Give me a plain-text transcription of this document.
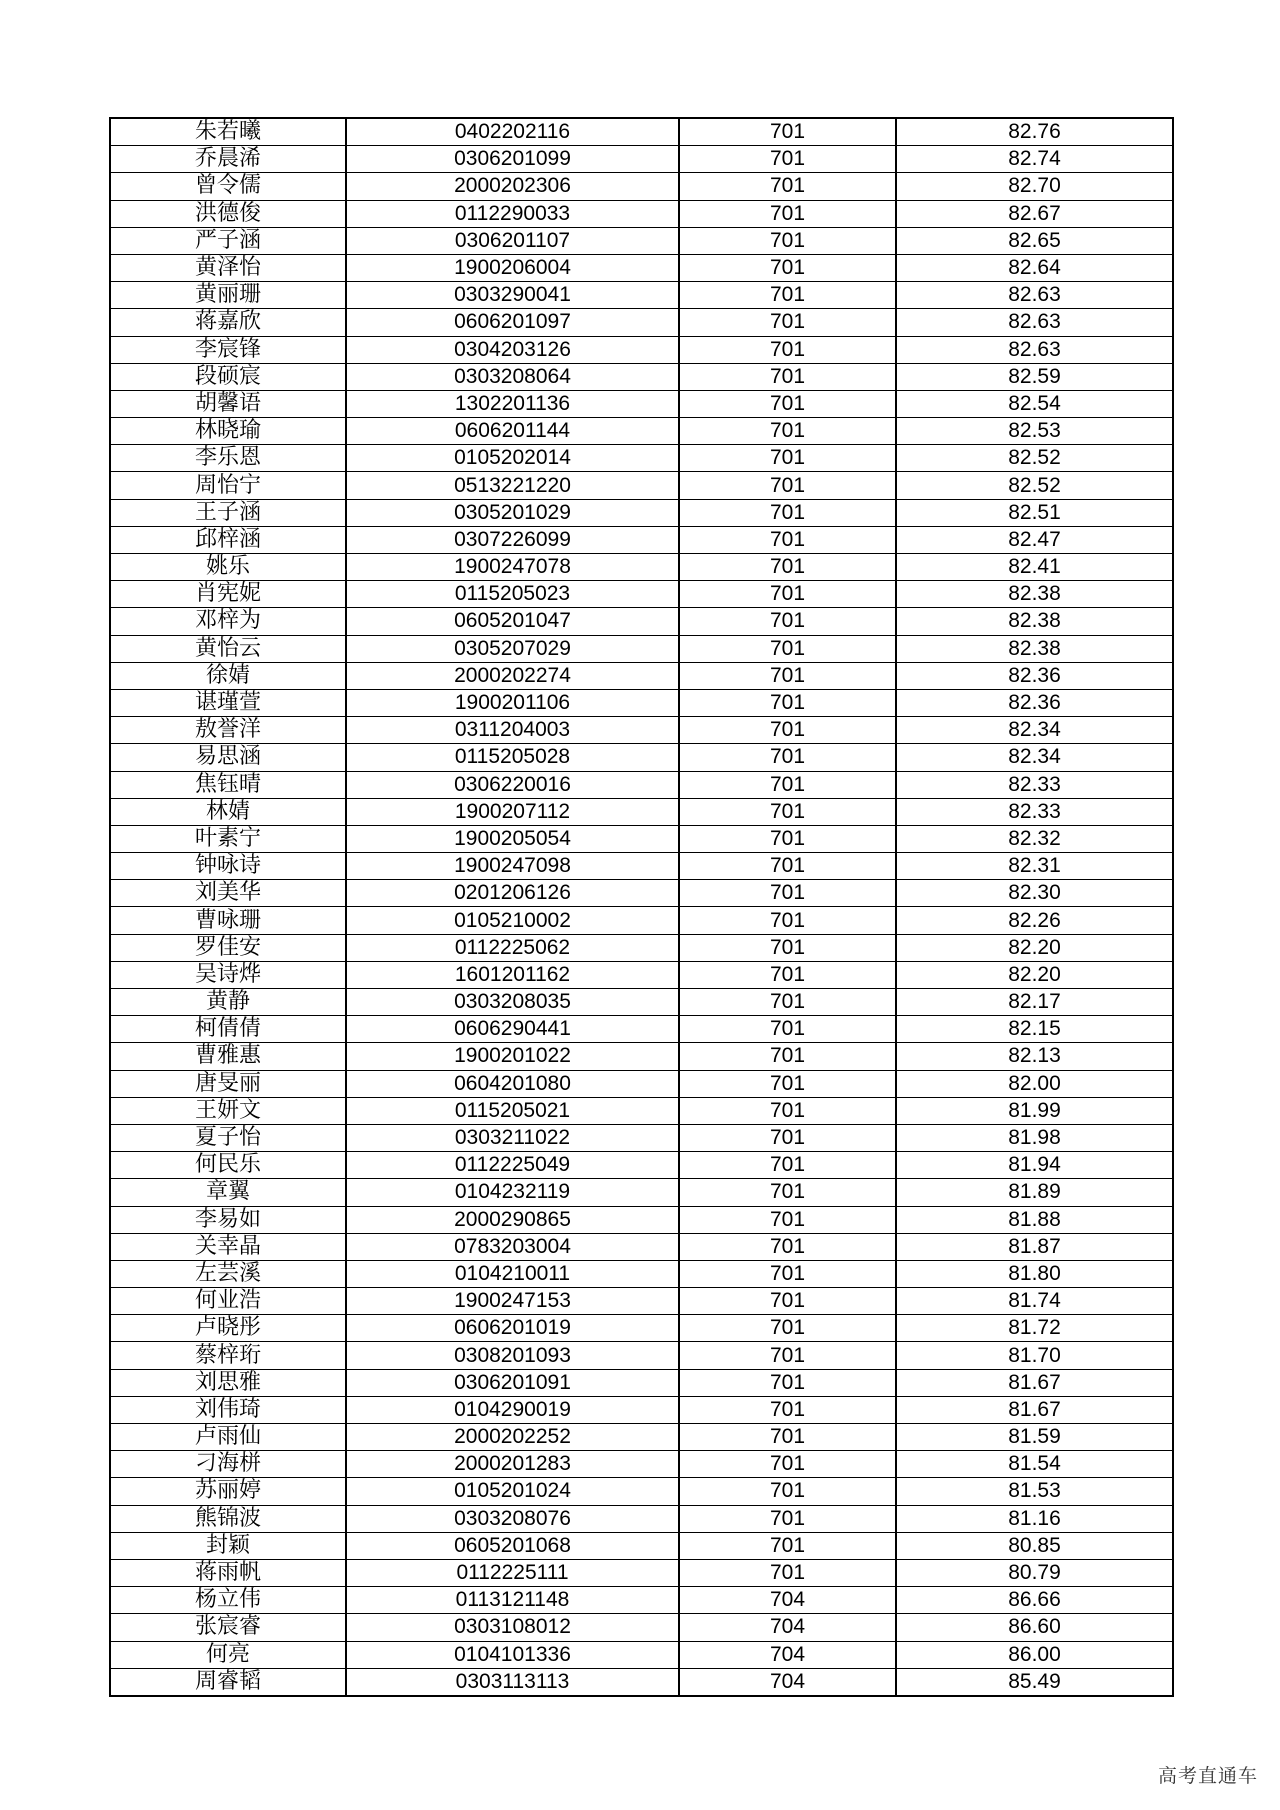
朱若曦	0402202116	701	82.76
乔晨浠	0306201099	701	82.74
曾令儒	2000202306	701	82.70
洪德俊	0112290033	701	82.67
严子涵	0306201107	701	82.65
黄泽怡	1900206004	701	82.64
黄丽珊	0303290041	701	82.63
蒋嘉欣	0606201097	701	82.63
李宸锋	0304203126	701	82.63
段硕宸	0303208064	701	82.59
胡馨语	1302201136	701	82.54
林晓瑜	0606201144	701	82.53
李乐恩	0105202014	701	82.52
周怡宁	0513221220	701	82.52
王子涵	0305201029	701	82.51
邱梓涵	0307226099	701	82.47
姚乐	1900247078	701	82.41
肖宪妮	0115205023	701	82.38
邓梓为	0605201047	701	82.38
黄怡云	0305207029	701	82.38
徐婧	2000202274	701	82.36
谌瑾萱	1900201106	701	82.36
敖誉洋	0311204003	701	82.34
易思涵	0115205028	701	82.34
焦钰晴	0306220016	701	82.33
林婧	1900207112	701	82.33
叶素宁	1900205054	701	82.32
钟咏诗	1900247098	701	82.31
刘美华	0201206126	701	82.30
曹咏珊	0105210002	701	82.26
罗佳安	0112225062	701	82.20
吴诗烨	1601201162	701	82.20
黄静	0303208035	701	82.17
柯倩倩	0606290441	701	82.15
曹雅惠	1900201022	701	82.13
唐旻丽	0604201080	701	82.00
王妍文	0115205021	701	81.99
夏子怡	0303211022	701	81.98
何民乐	0112225049	701	81.94
章翼	0104232119	701	81.89
李易如	2000290865	701	81.88
关幸晶	0783203004	701	81.87
左芸溪	0104210011	701	81.80
何业浩	1900247153	701	81.74
卢晓彤	0606201019	701	81.72
蔡梓珩	0308201093	701	81.70
刘思雅	0306201091	701	81.67
刘伟琦	0104290019	701	81.67
卢雨仙	2000202252	701	81.59
刁海栟	2000201283	701	81.54
苏丽婷	0105201024	701	81.53
熊锦波	0303208076	701	81.16
封颖	0605201068	701	80.85
蒋雨帆	0112225111	701	80.79
杨立伟	0113121148	704	86.66
张宸睿	0303108012	704	86.60
何亮	0104101336	704	86.00
周睿韬	0303113113	704	85.49
高考直通车
